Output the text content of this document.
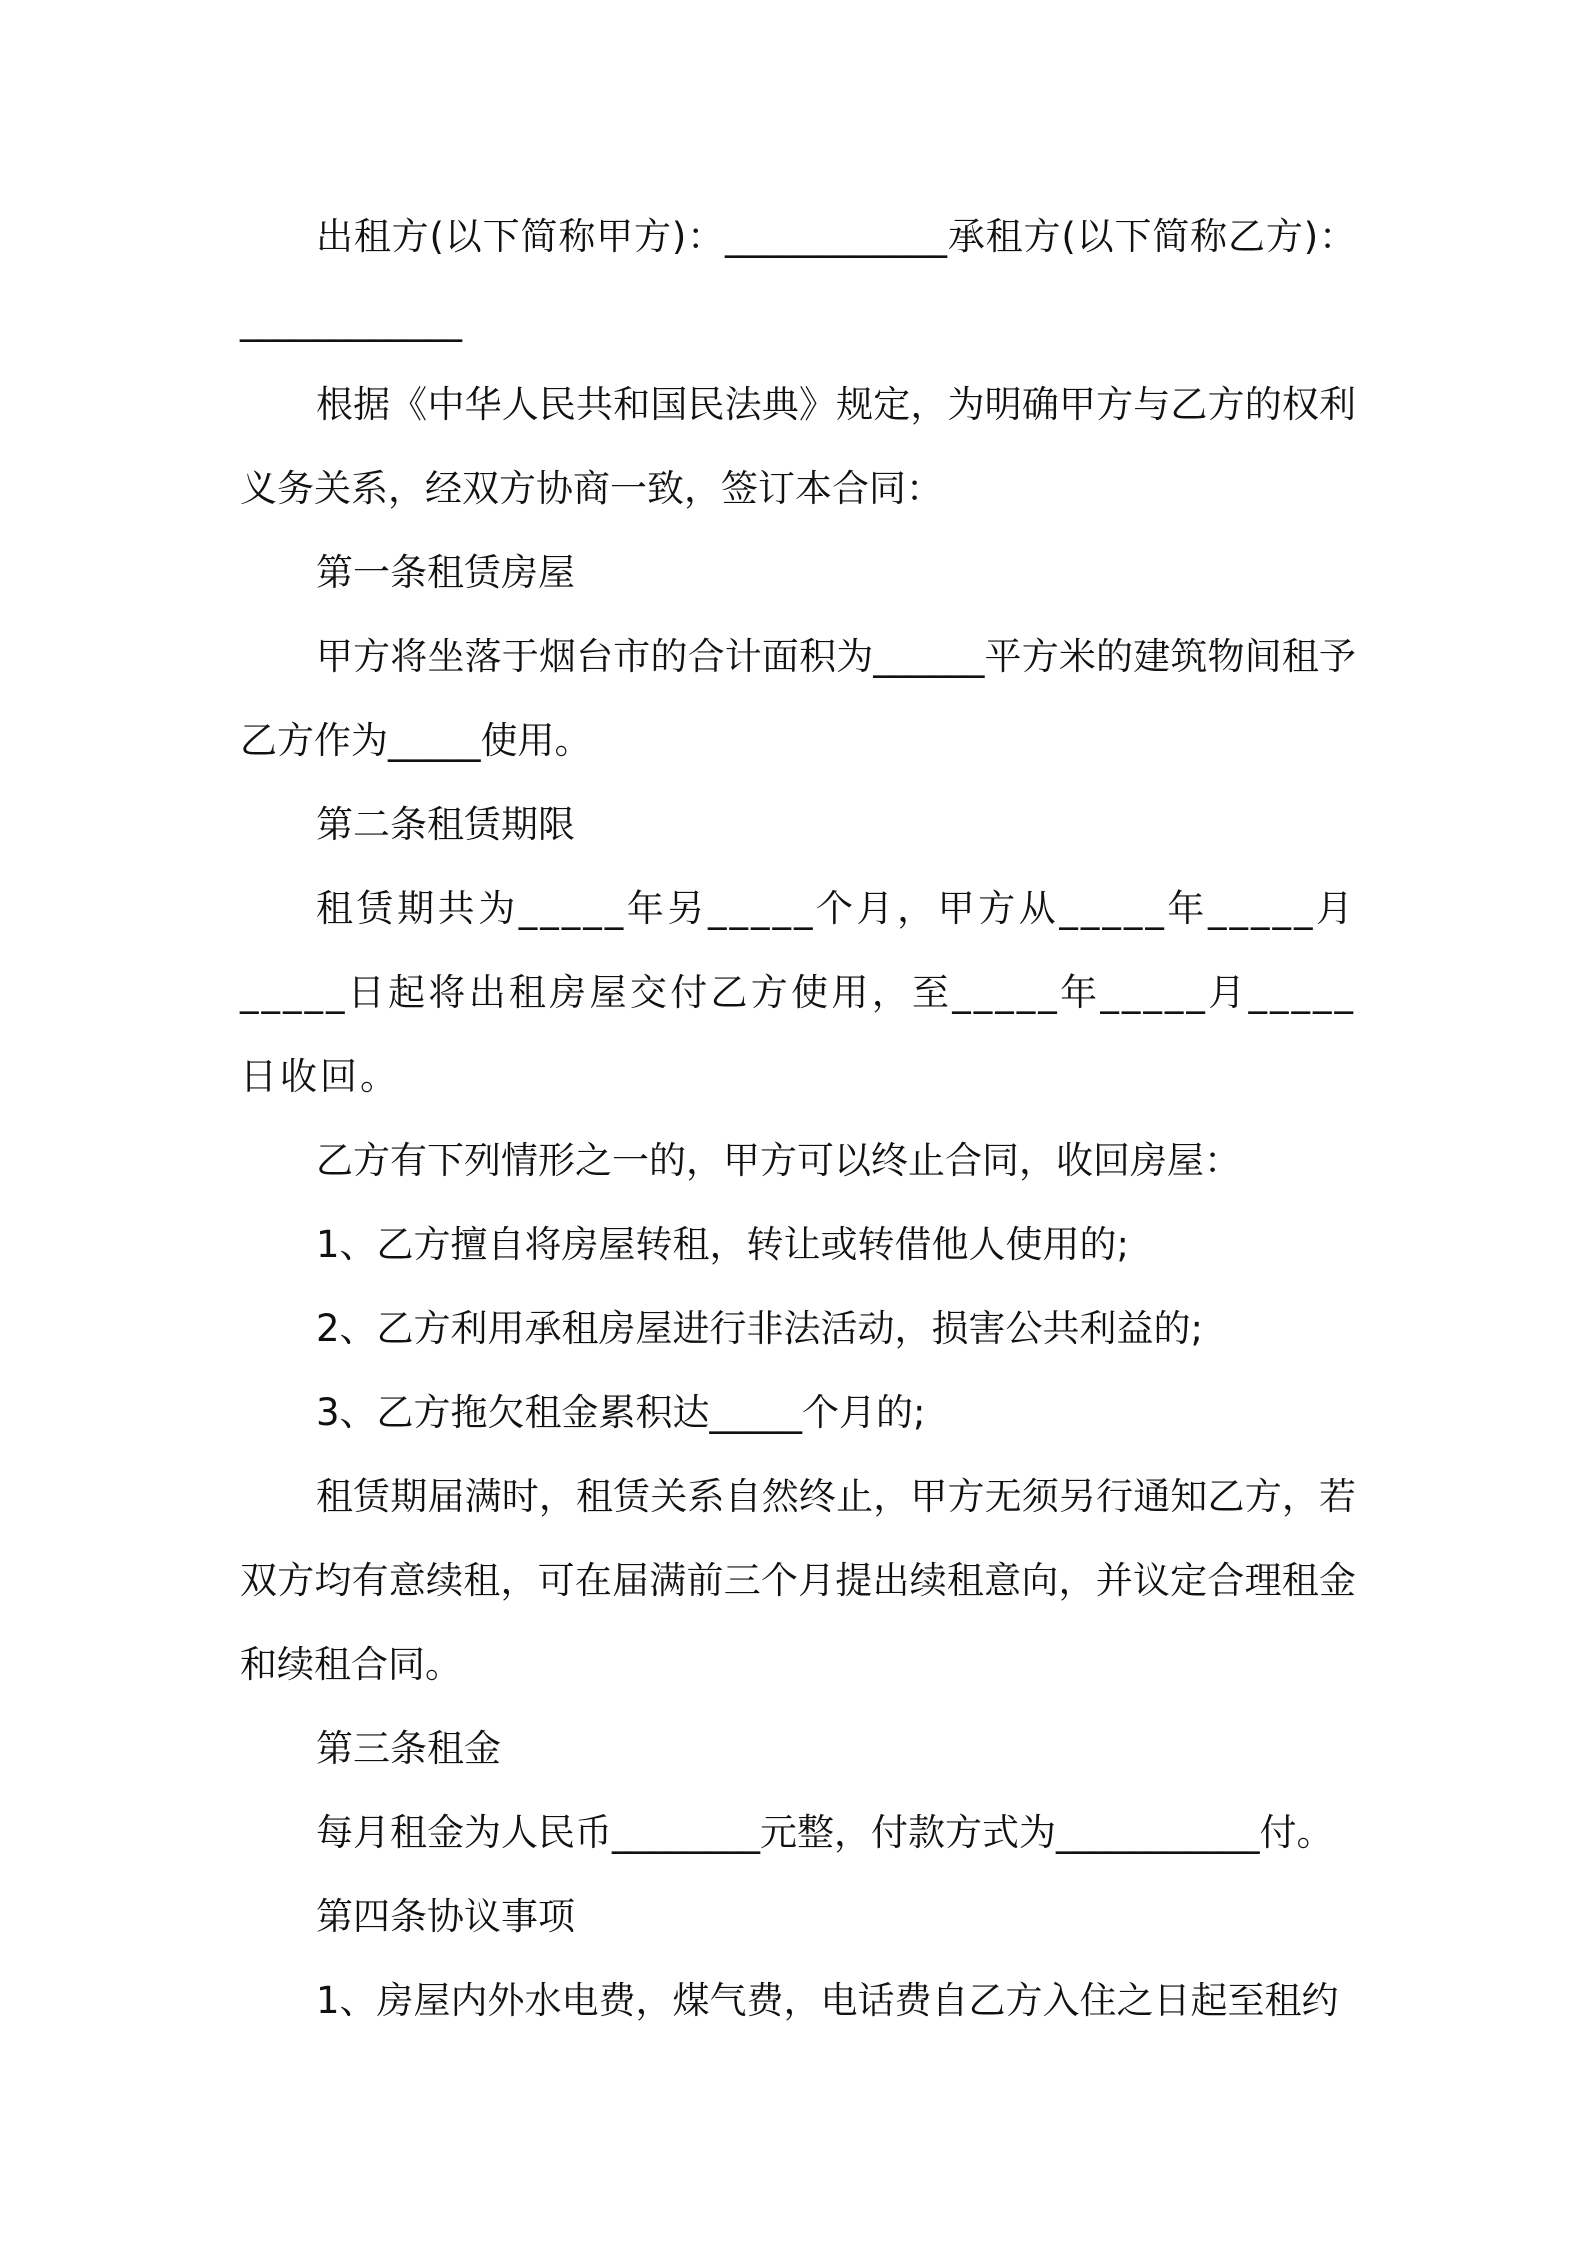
出租方(以下简称甲方)：____________承租方(以下简称乙方)：____________

根据《中华人民共和国民法典》规定，为明确甲方与乙方的权利义务关系，经双方协商一致，签订本合同：

第一条租赁房屋

甲方将坐落于烟台市的合计面积为______平方米的建筑物间租予乙方作为_____使用。

第二条租赁期限

租赁期共为_____年另_____个月，甲方从_____年_____月_____日起将出租房屋交付乙方使用，至_____年_____月_____日收回。

乙方有下列情形之一的，甲方可以终止合同，收回房屋：

1、乙方擅自将房屋转租，转让或转借他人使用的;

2、乙方利用承租房屋进行非法活动，损害公共利益的;

3、乙方拖欠租金累积达_____个月的;

租赁期届满时，租赁关系自然终止，甲方无须另行通知乙方，若双方均有意续租，可在届满前三个月提出续租意向，并议定合理租金和续租合同。

第三条租金

每月租金为人民币________元整，付款方式为___________付。

第四条协议事项

1、房屋内外水电费，煤气费，电话费自乙方入住之日起至租约
